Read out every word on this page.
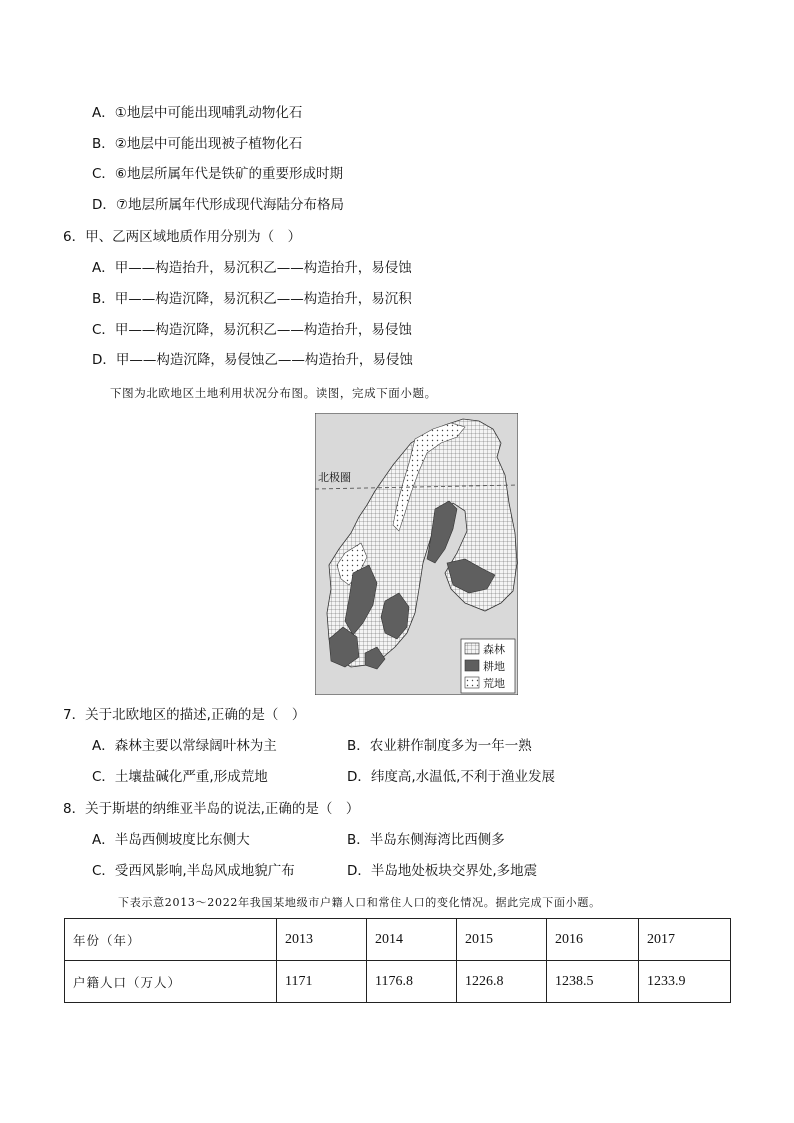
A．①地层中可能出现哺乳动物化石
B．②地层中可能出现被子植物化石
C．⑥地层所属年代是铁矿的重要形成时期
D．⑦地层所属年代形成现代海陆分布格局
6．甲、乙两区域地质作用分别为（　）
A．甲——构造抬升，易沉积乙——构造抬升，易侵蚀
B．甲——构造沉降，易沉积乙——构造抬升，易沉积
C．甲——构造沉降，易沉积乙——构造抬升，易侵蚀
D．甲——构造沉降，易侵蚀乙——构造抬升，易侵蚀
下图为北欧地区土地利用状况分布图。读图，完成下面小题。
北极圈
森林
耕地
荒地
7．关于北欧地区的描述,正确的是（　）
A．森林主要以常绿阔叶林为主	B．农业耕作制度多为一年一熟
C．土壤盐碱化严重,形成荒地	D．纬度高,水温低,不利于渔业发展
8．关于斯堪的纳维亚半岛的说法,正确的是（　）
A．半岛西侧坡度比东侧大	B．半岛东侧海湾比西侧多
C．受西风影响,半岛风成地貌广布	D．半岛地处板块交界处,多地震
下表示意2013～2022年我国某地级市户籍人口和常住人口的变化情况。据此完成下面小题。
年份（年）	2013	2014	2015	2016	2017
户籍人口（万人）	1171	1176.8	1226.8	1238.5	1233.9
